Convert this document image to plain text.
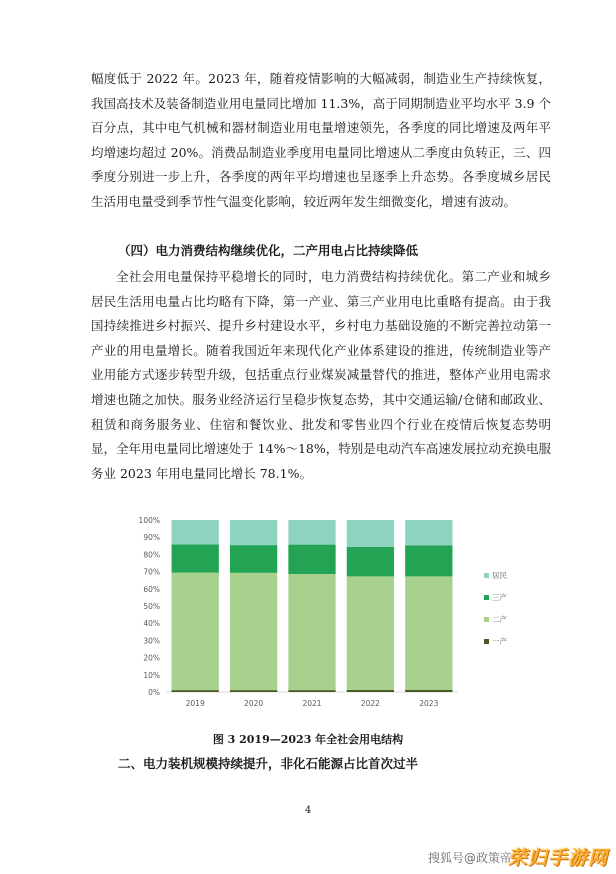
幅度低于 2022 年。2023 年，随着疫情影响的大幅减弱，制造业生产持续恢复，我国高技术及装备制造业用电量同比增加 11.3%，高于同期制造业平均水平 3.9 个百分点，其中电气机械和器材制造业用电量增速领先，各季度的同比增速及两年平均增速均超过 20%。消费品制造业季度用电量同比增速从二季度由负转正，三、四季度分别进一步上升，各季度的两年平均增速也呈逐季上升态势。各季度城乡居民生活用电量受到季节性气温变化影响，较近两年发生细微变化，增速有波动。

（四）电力消费结构继续优化，二产用电占比持续降低

全社会用电量保持平稳增长的同时，电力消费结构持续优化。第二产业和城乡居民生活用电量占比均略有下降，第一产业、第三产业用电比重略有提高。由于我国持续推进乡村振兴、提升乡村建设水平，乡村电力基础设施的不断完善拉动第一产业的用电量增长。随着我国近年来现代化产业体系建设的推进，传统制造业等产业用能方式逐步转型升级，包括重点行业煤炭减量替代的推进，整体产业用电需求增速也随之加快。服务业经济运行呈稳步恢复态势，其中交通运输/仓储和邮政业、租赁和商务服务业、住宿和餐饮业、批发和零售业四个行业在疫情后恢复态势明显，全年用电量同比增速处于 14%～18%，特别是电动汽车高速发展拉动充换电服务业 2023 年用电量同比增长 78.1%。

0%
10%
20%
30%
40%
50%
60%
70%
80%
90%
100%
2019	2020	2021	2022	2023
居民
三产
二产
一产

图 3 2019—2023 年全社会用电结构

二、电力装机规模持续提升，非化石能源占比首次过半

4

搜狐号@政策帝
荣归手游网
